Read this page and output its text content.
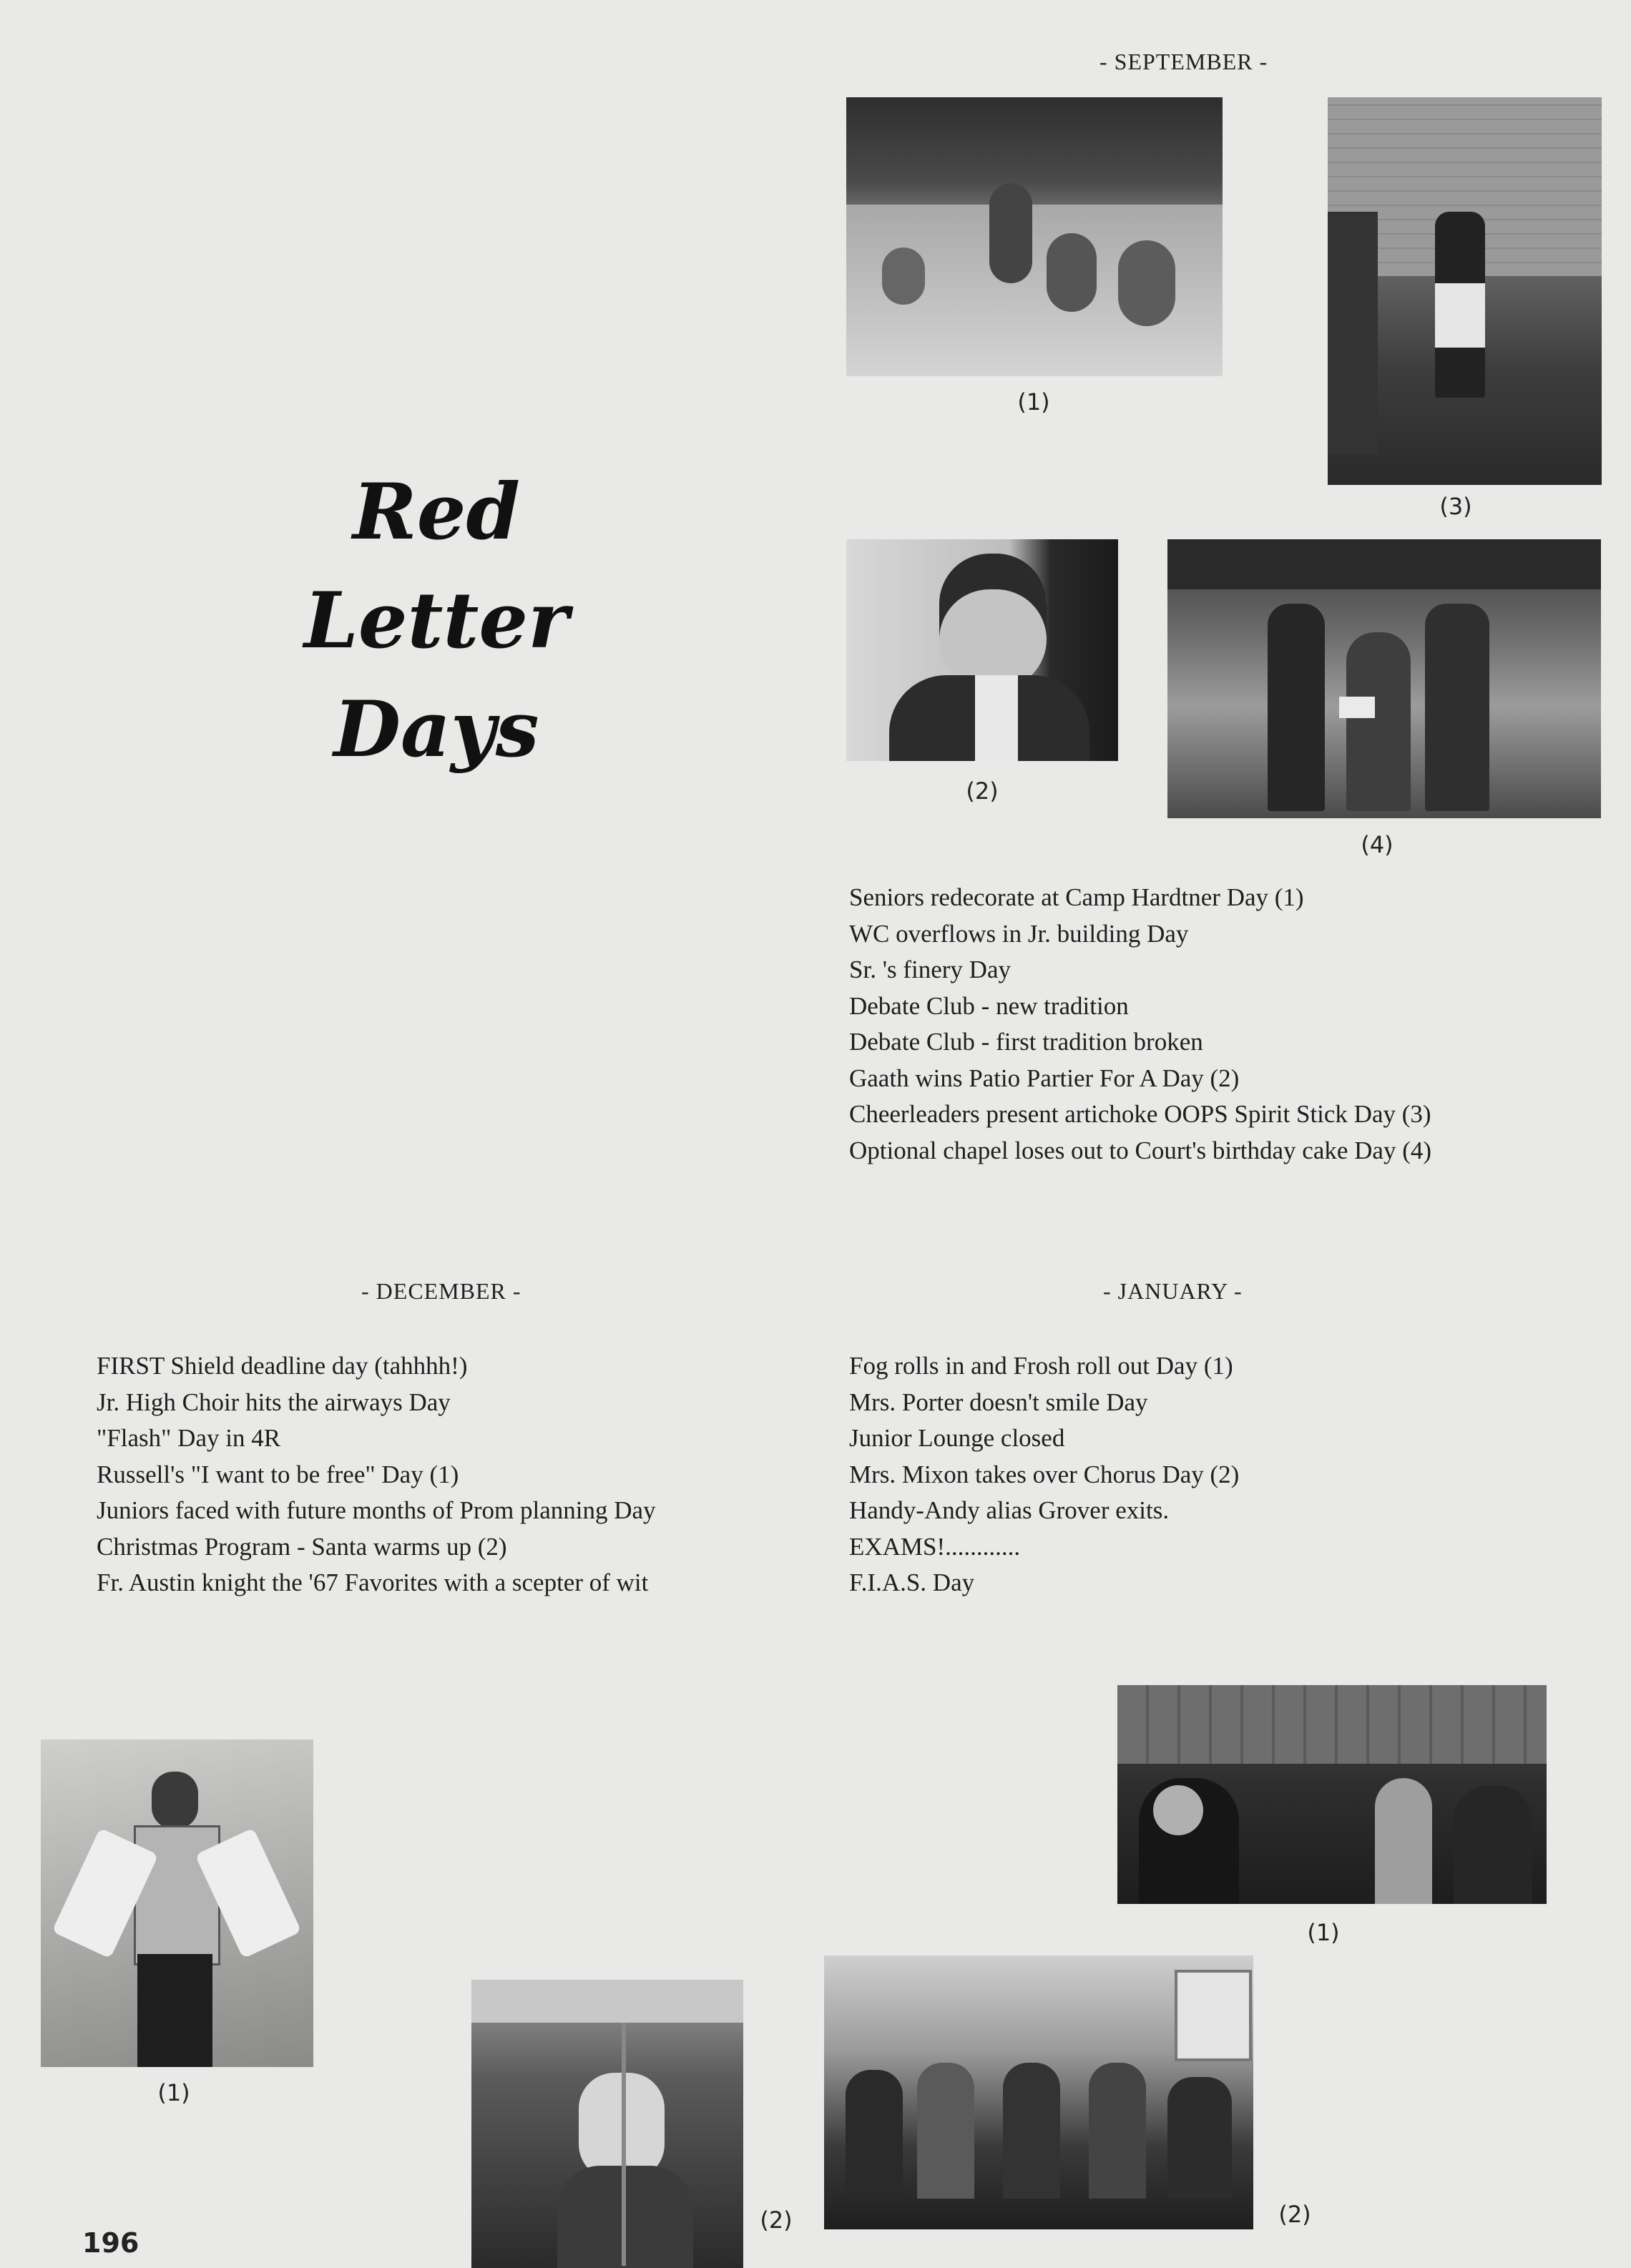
Red Letter
Days
- SEPTEMBER -
(1)
(3)
(2)
(4)
Seniors redecorate at Camp Hardtner Day (1)
WC overflows in Jr. building Day
Sr. 's finery Day
Debate Club - new tradition
Debate Club - first tradition broken
Gaath wins Patio Partier For A Day (2)
Cheerleaders present artichoke OOPS Spirit Stick Day (3)
Optional chapel loses out to Court's birthday cake Day (4)
- DECEMBER -
FIRST Shield deadline day (tahhhh!)
Jr. High Choir hits the airways Day
"Flash" Day in 4R
Russell's "I want to be free" Day (1)
Juniors faced with future months of Prom planning Day
Christmas Program - Santa warms up (2)
Fr. Austin knight the '67 Favorites with a scepter of wit
- JANUARY -
Fog rolls in and Frosh roll out Day (1)
Mrs. Porter doesn't smile Day
Junior Lounge closed
Mrs. Mixon takes over Chorus Day (2)
Handy-Andy alias Grover exits.
EXAMS!............
F.I.A.S. Day
(1)
(2)
(1)
(2)
196
